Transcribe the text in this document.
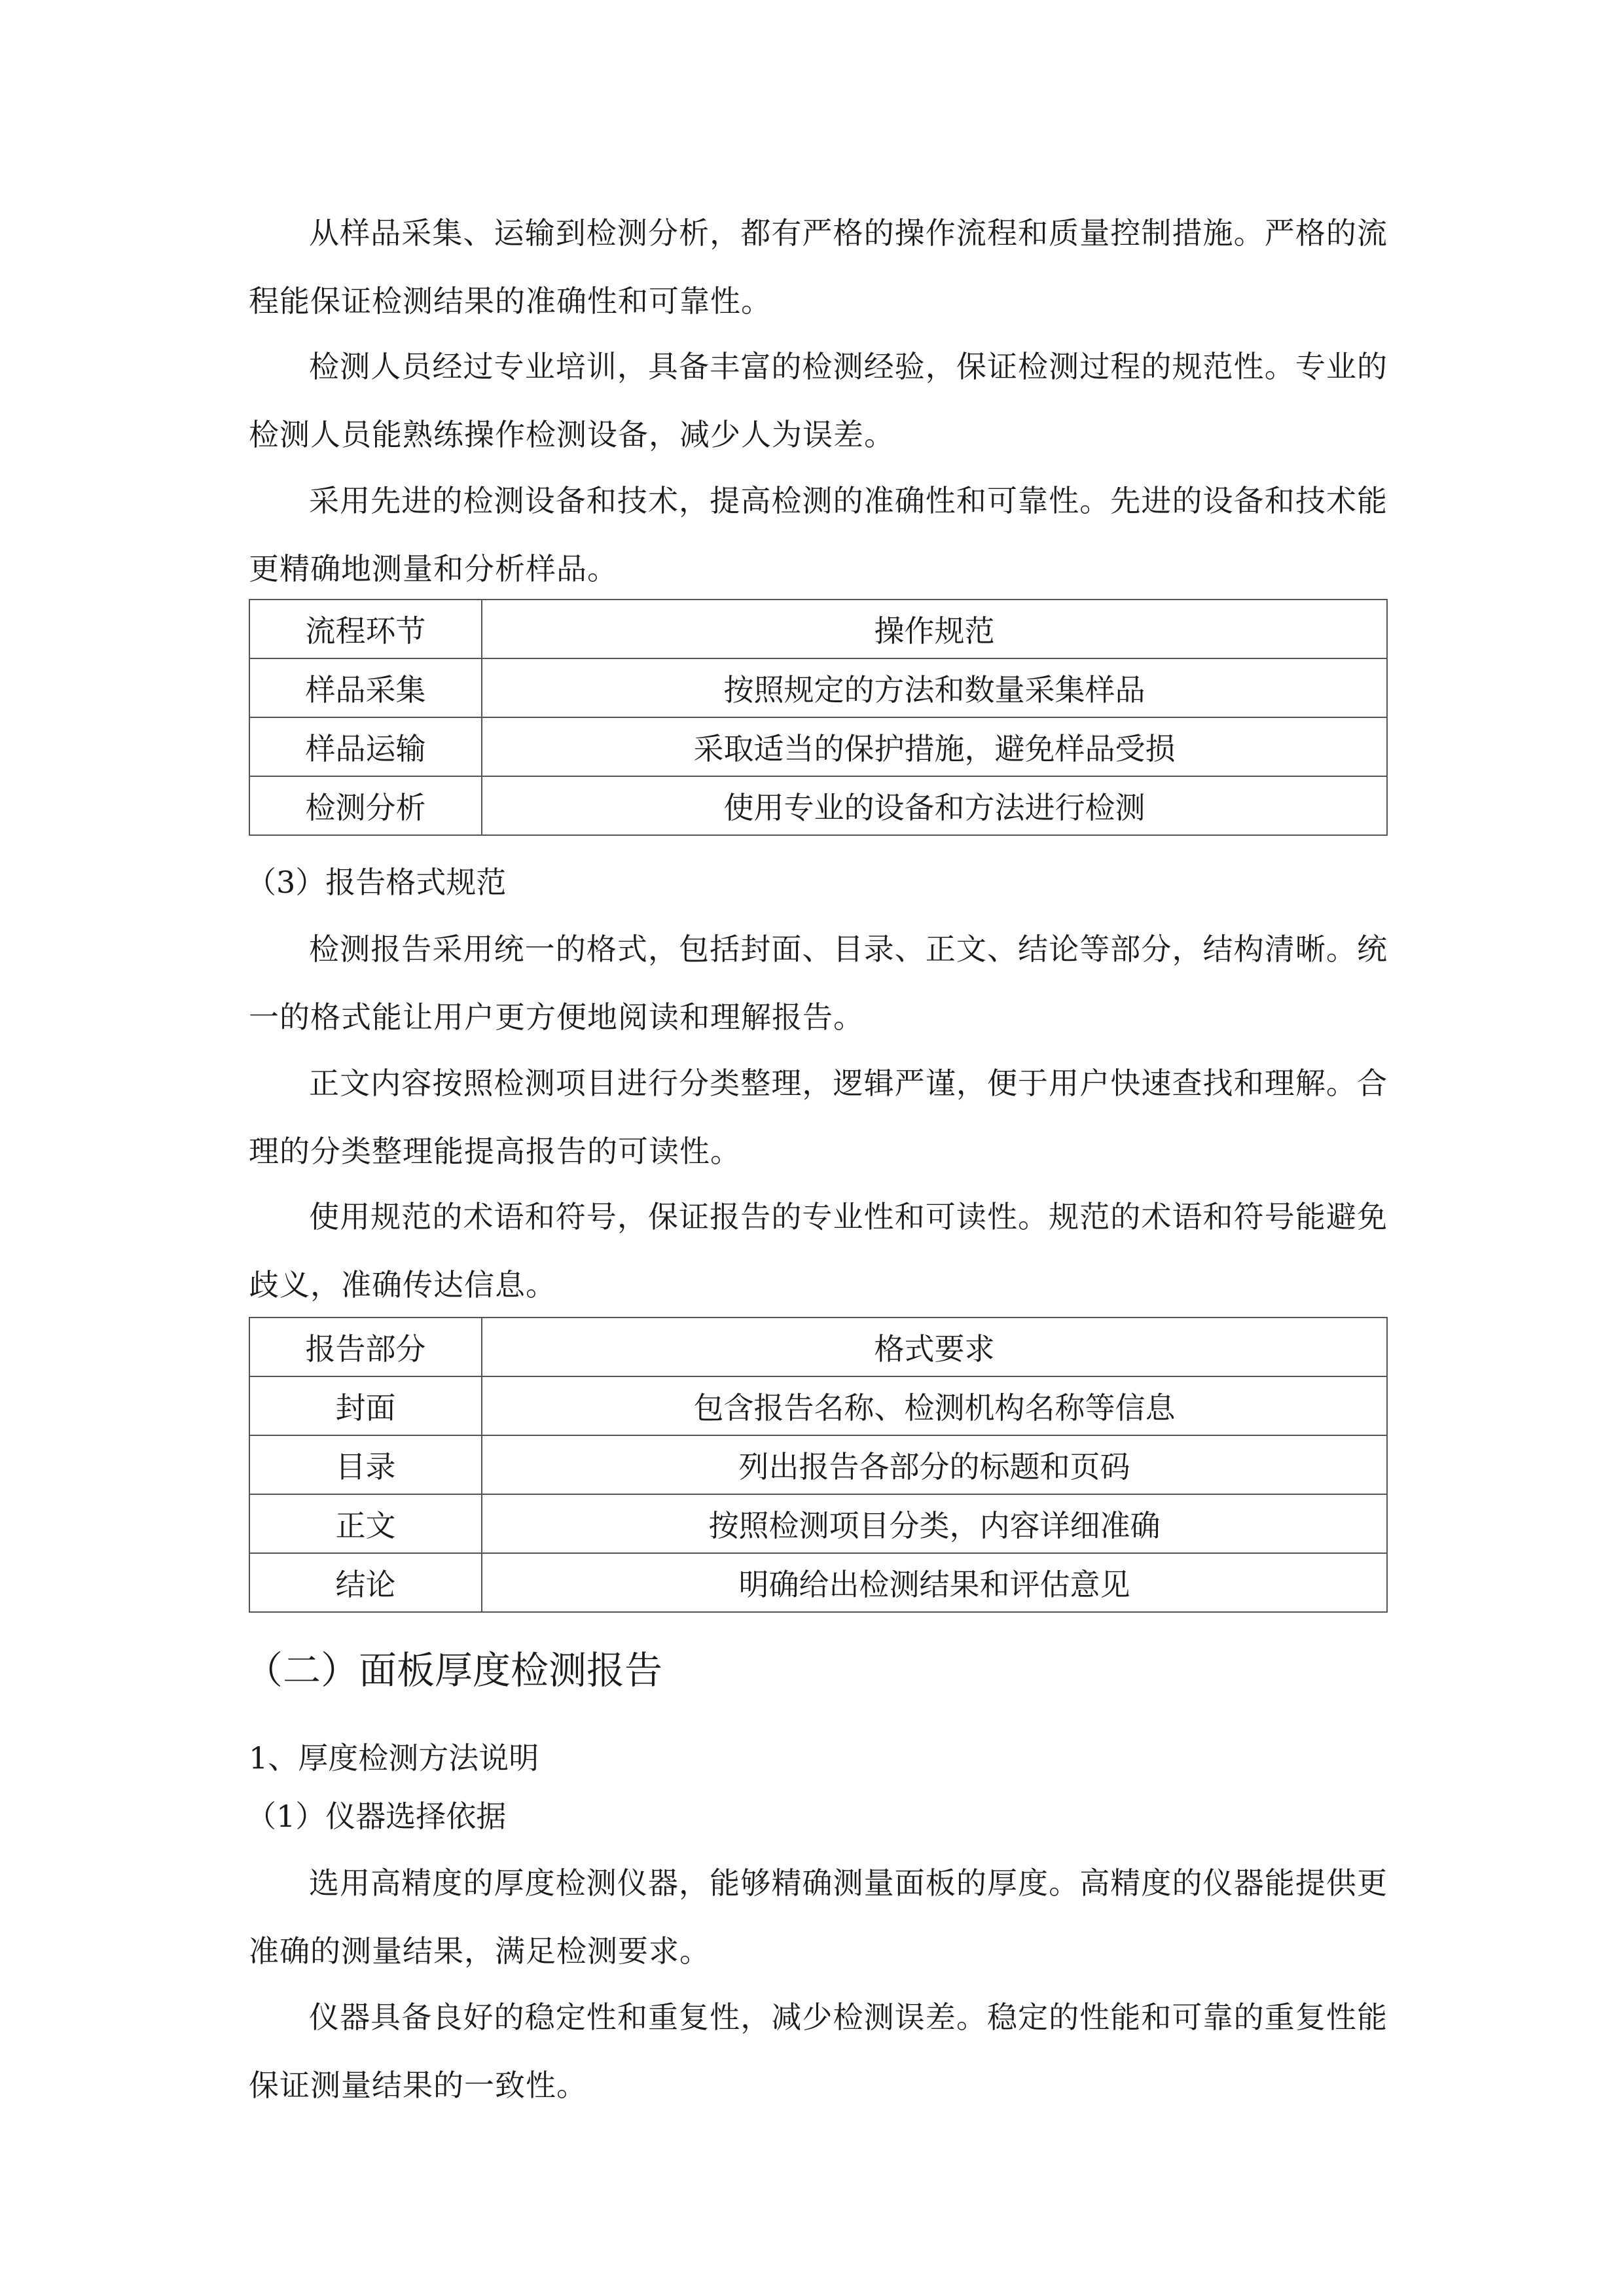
从样品采集、运输到检测分析，都有严格的操作流程和质量控制措施。严格的流程能保证检测结果的准确性和可靠性。

检测人员经过专业培训，具备丰富的检测经验，保证检测过程的规范性。专业的检测人员能熟练操作检测设备，减少人为误差。

采用先进的检测设备和技术，提高检测的准确性和可靠性。先进的设备和技术能更精确地测量和分析样品。

流程环节	操作规范
样品采集	按照规定的方法和数量采集样品
样品运输	采取适当的保护措施，避免样品受损
检测分析	使用专业的设备和方法进行检测

（3）报告格式规范

检测报告采用统一的格式，包括封面、目录、正文、结论等部分，结构清晰。统一的格式能让用户更方便地阅读和理解报告。

正文内容按照检测项目进行分类整理，逻辑严谨，便于用户快速查找和理解。合理的分类整理能提高报告的可读性。

使用规范的术语和符号，保证报告的专业性和可读性。规范的术语和符号能避免歧义，准确传达信息。

报告部分	格式要求
封面	包含报告名称、检测机构名称等信息
目录	列出报告各部分的标题和页码
正文	按照检测项目分类，内容详细准确
结论	明确给出检测结果和评估意见
（二）面板厚度检测报告

1、厚度检测方法说明

（1）仪器选择依据

选用高精度的厚度检测仪器，能够精确测量面板的厚度。高精度的仪器能提供更准确的测量结果，满足检测要求。

仪器具备良好的稳定性和重复性，减少检测误差。稳定的性能和可靠的重复性能保证测量结果的一致性。
